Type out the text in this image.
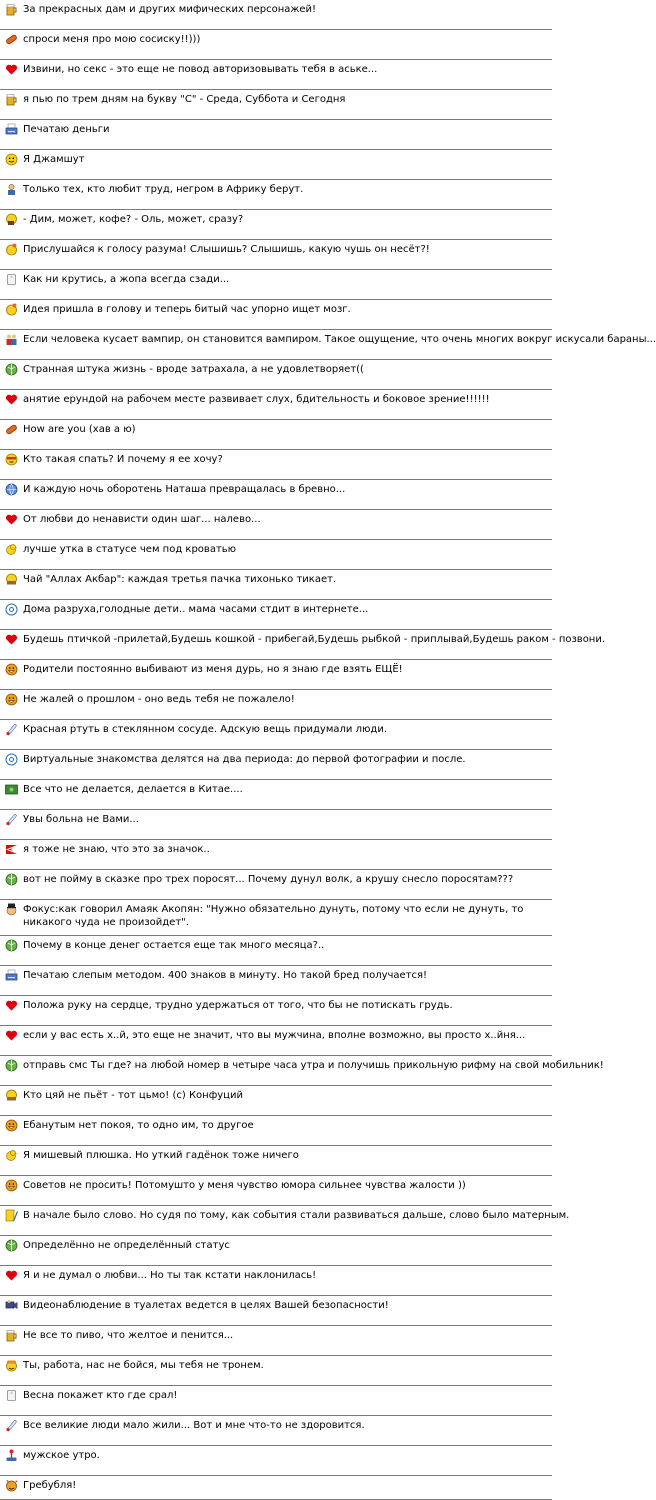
За прекрасных дам и других мифических персонажей!
спроси меня про мою сосиску!!)))
Извини, но секс - это еще не повод авторизовывать тебя в аське...
я пью по трем дням на букву "С" - Среда, Суббота и Сегодня
Печатаю деньги
Я Джамшут
Только тех, кто любит труд, негром в Африку берут.
- Дим, может, кофе? - Оль, может, сразу?
Прислушайся к голосу разума! Слышишь? Слышишь, какую чушь он несёт?!
Как ни крутись, а жопа всегда сзади...
Идея пришла в голову и теперь битый час упорно ищет мозг.
Если человека кусает вампир, он становится вампиром. Такое ощущение, что очень многих вокруг искусали бараны...
Странная штука жизнь - вроде затрахала, а не удовлетворяет((
анятие ерундой на рабочем месте развивает слух, бдительность и боковое зрение!!!!!!
How are you (хав а ю)
Кто такая спать? И почему я ее хочу?
И каждую ночь оборотень Наташа превращалась в бревно...
От любви до ненависти один шаг... налево...
лучше утка в статусе чем под кроватью
Чай "Аллах Акбар": каждая третья пачка тихонько тикает.
Дома разруха,голодные дети.. мама часами стдит в интернете...
Будешь птичкой -прилетай,Будешь кошкой - прибегай,Будешь рыбкой - приплывай,Будешь раком - позвони.
Родители постоянно выбивают из меня дурь, но я знаю где взять ЕЩЁ!
Не жалей о прошлом - оно ведь тебя не пожалело!
Красная ртуть в стеклянном сосуде. Адскую вещь придумали люди.
Виртуальные знакомства делятся на два периода: до первой фотографии и после.
Все что не делается, делается в Китае....
Увы больна не Вами...
я тоже не знаю, что это за значок..
вот не пойму в сказке про трех поросят... Почему дунул волк, а крушу снесло поросятам???
Фокус:как говорил Амаяк Акопян: "Нужно обязательно дунуть, потому что если не дунуть, то никакого чуда не произойдет".
Почему в конце денег остается еще так много месяца?..
Печатаю слепым методом. 400 знаков в минуту. Но такой бред получается!
Положа руку на сердце, трудно удержаться от того, что бы не потискать грудь.
если у вас есть х..й, это еще не значит, что вы мужчина, вполне возможно, вы просто х..йня...
отправь смс Ты где? на любой номер в четыре часа утра и получишь прикольную рифму на свой мобильник!
Кто цяй не пьёт - тот цьмо! (с) Конфуций
Ебанутым нет покоя, то одно им, то другое
Я мишевый плюшка. Но уткий гадёнок тоже ничего
Советов не просить! Потомушто у меня чувство юмора сильнее чувства жалости ))
В начале было слово. Но судя по тому, как события стали развиваться дальше, слово было матерным.
Определённо не определённый статус
Я и не думал о любви... Но ты так кстати наклонилась!
Видеонаблюдение в туалетах ведется в целях Вашей безопасности!
Не все то пиво, что желтое и пенится...
Ты, работа, нас не бойся, мы тебя не тронем.
Весна покажет кто где срал!
Все великие люди мало жили... Вот и мне что-то не здоровится.
мужское утро.
Гребубля!
